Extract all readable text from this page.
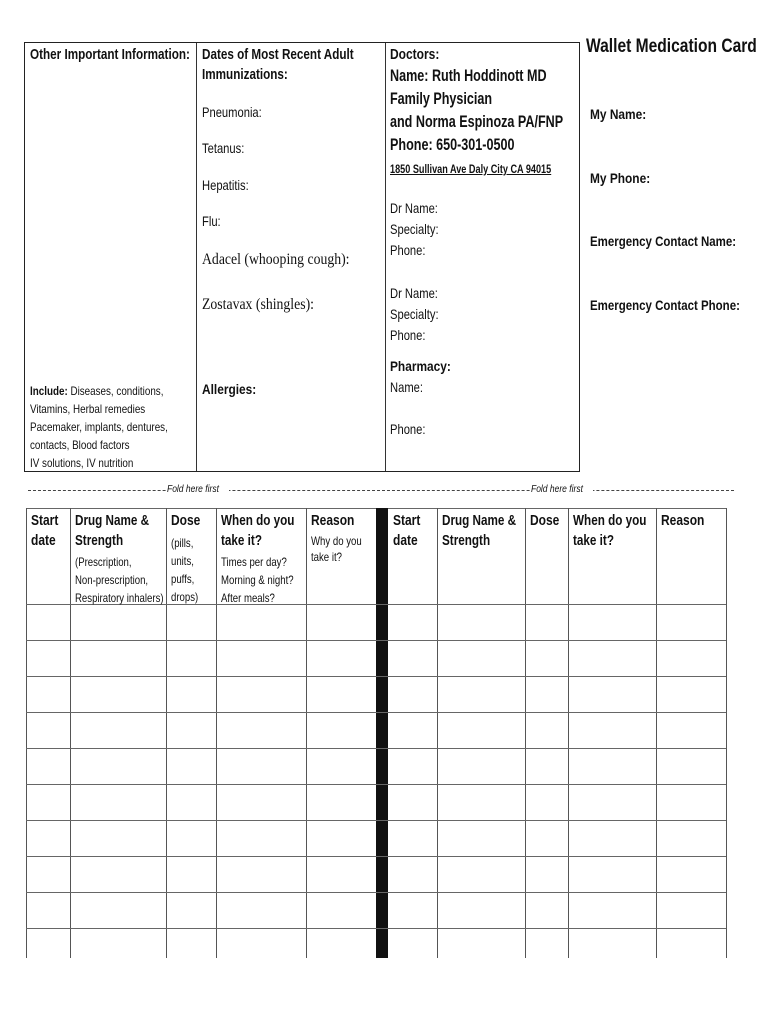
Wallet Medication Card
My Name:
My Phone:
Emergency Contact Name:
Emergency Contact Phone:
Other Important Information:
Include: Diseases, conditions,
Vitamins, Herbal remedies
Pacemaker, implants, dentures,
contacts, Blood factors
IV solutions, IV nutrition
Dates of Most Recent Adult
Immunizations:
Pneumonia:
Tetanus:
Hepatitis:
Flu:
Adacel (whooping cough):
Zostavax (shingles):
Allergies:
Doctors:
Name: Ruth Hoddinott MD
Family Physician
and Norma Espinoza PA/FNP
Phone: 650-301-0500
1850 Sullivan Ave Daly City CA 94015
Dr Name:
Specialty:
Phone:
Dr Name:
Specialty:
Phone:
Pharmacy:
Name:
Phone:
Fold here first	Fold here first
Start
date
Drug Name &
Strength
(Prescription,
Non-prescription,
Respiratory inhalers)
Dose
(pills,
units,
puffs,
drops)
When do you
take it?
Times per day?
Morning & night?
After meals?
Reason
Why do you
take it?
Start
date
Drug Name &
Strength
Dose When do you
take it?
Reason
